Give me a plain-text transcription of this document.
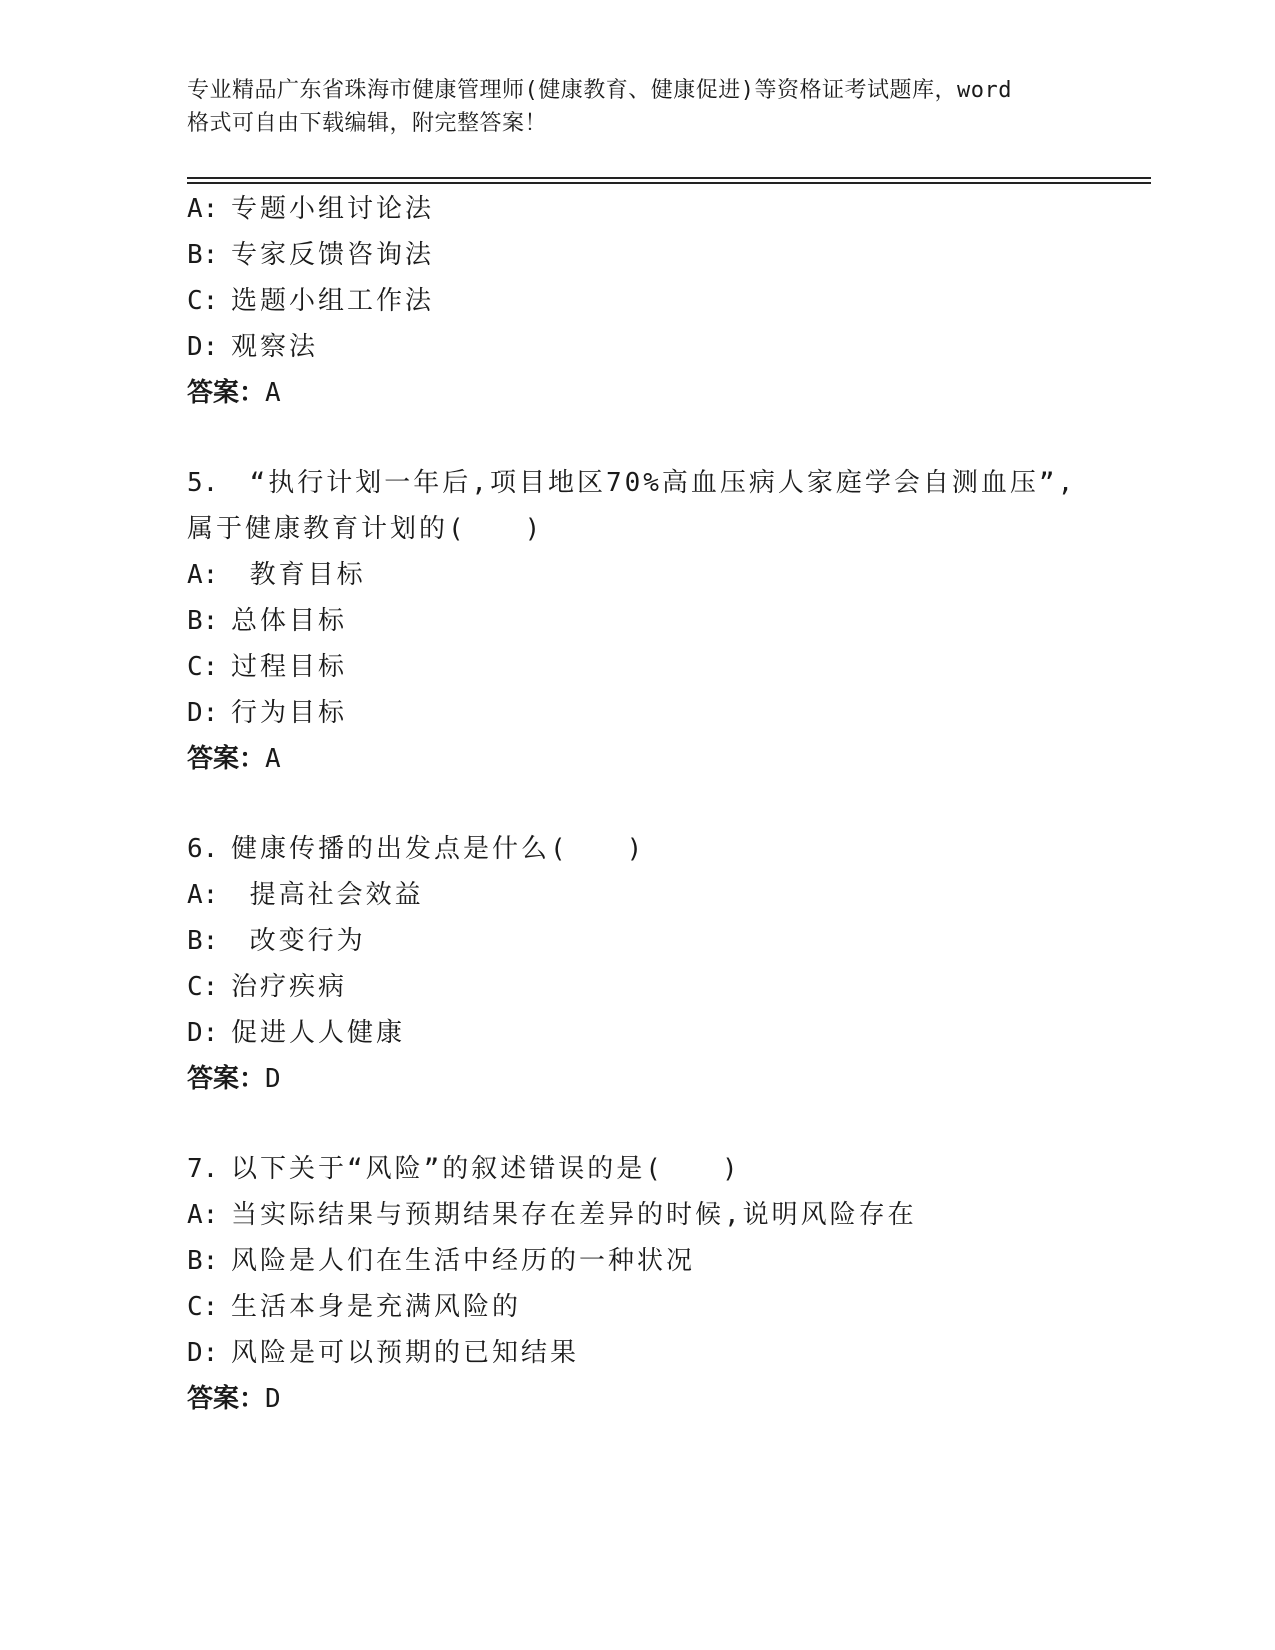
专业精品广东省珠海市健康管理师(健康教育、健康促进)等资格证考试题库，word
格式可自由下载编辑，附完整答案！
A: 专题小组讨论法
B: 专家反馈咨询法
C: 选题小组工作法
D: 观察法
答案：A
5. “执行计划一年后,项目地区70%高血压病人家庭学会自测血压”,
属于健康教育计划的(　　)
A: 教育目标
B: 总体目标
C: 过程目标
D: 行为目标
答案：A
6. 健康传播的出发点是什么(　　)
A: 提高社会效益
B: 改变行为
C: 治疗疾病
D: 促进人人健康
答案：D
7. 以下关于“风险”的叙述错误的是(　　)
A: 当实际结果与预期结果存在差异的时候,说明风险存在
B: 风险是人们在生活中经历的一种状况
C: 生活本身是充满风险的
D: 风险是可以预期的已知结果
答案：D
